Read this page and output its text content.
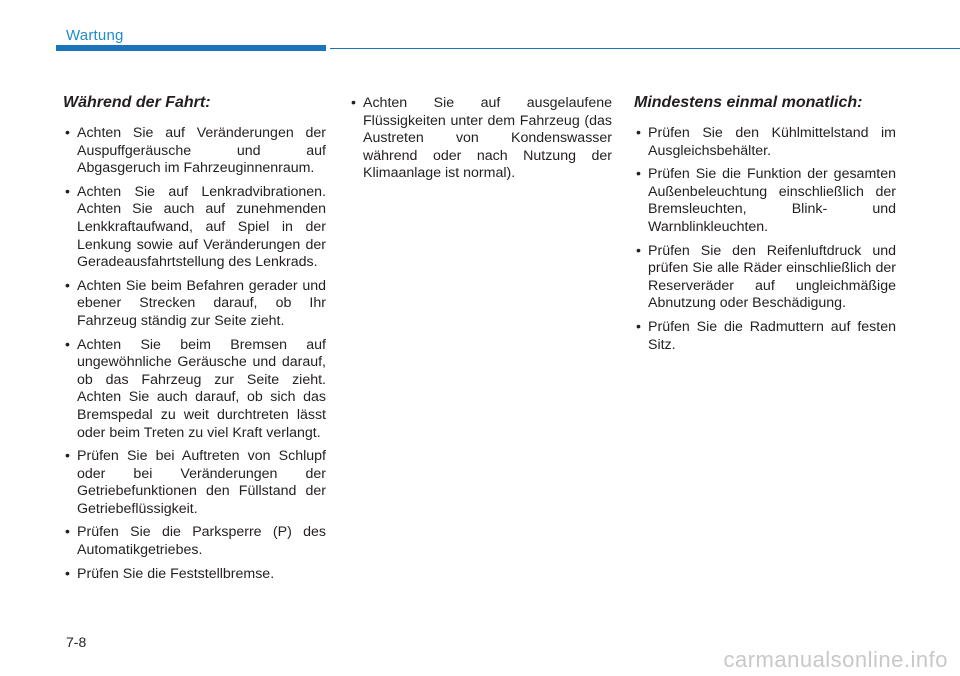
Wartung
Während der Fahrt:
• Achten Sie auf Veränderungen der Auspuffgeräusche und auf Abgasgeruch im Fahrzeuginnenraum.
• Achten Sie auf Lenkradvibrationen. Achten Sie auch auf zunehmenden Lenkkraftaufwand, auf Spiel in der Lenkung sowie auf Veränderungen der Geradeausfahrtstellung des Lenkrads.
• Achten Sie beim Befahren gerader und ebener Strecken darauf, ob Ihr Fahrzeug ständig zur Seite zieht.
• Achten Sie beim Bremsen auf ungewöhnliche Geräusche und darauf, ob das Fahrzeug zur Seite zieht. Achten Sie auch darauf, ob sich das Bremspedal zu weit durchtreten lässt oder beim Treten zu viel Kraft verlangt.
• Prüfen Sie bei Auftreten von Schlupf oder bei Veränderungen der Getriebefunktionen den Füllstand der Getriebeflüssigkeit.
• Prüfen Sie die Parksperre (P) des Automatikgetriebes.
• Prüfen Sie die Feststellbremse.
• Achten Sie auf ausgelaufene Flüssigkeiten unter dem Fahrzeug (das Austreten von Kondenswasser während oder nach Nutzung der Klimaanlage ist normal).
Mindestens einmal monatlich:
• Prüfen Sie den Kühlmittelstand im Ausgleichsbehälter.
• Prüfen Sie die Funktion der gesamten Außenbeleuchtung einschließlich der Bremsleuchten, Blink- und Warnblinkleuchten.
• Prüfen Sie den Reifenluftdruck und prüfen Sie alle Räder einschließlich der Reserveräder auf ungleichmäßige Abnutzung oder Beschädigung.
• Prüfen Sie die Radmuttern auf festen Sitz.
7-8
carmanualsonline.info
